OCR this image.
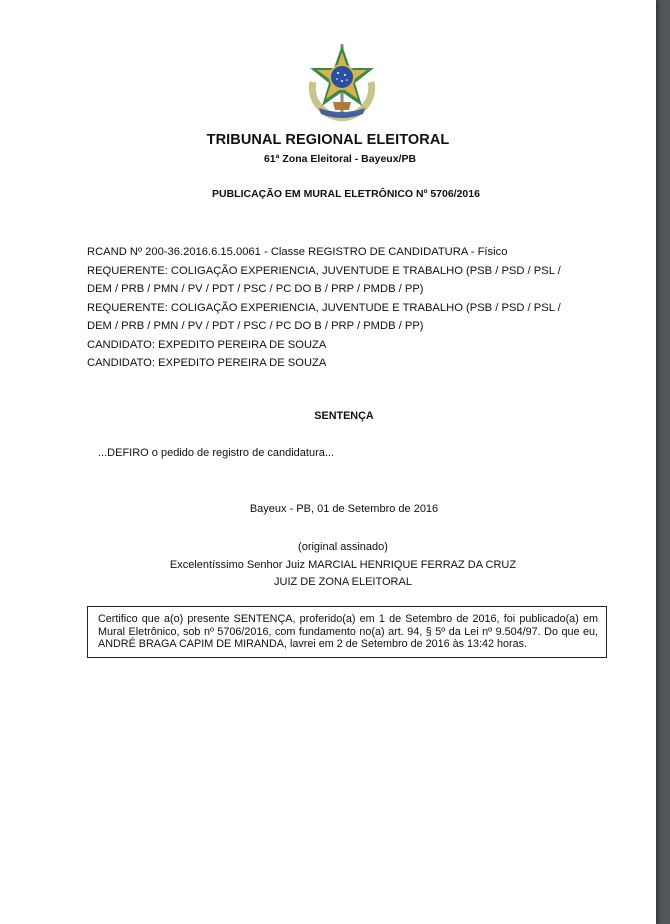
TRIBUNAL REGIONAL ELEITORAL
61ª Zona Eleitoral - Bayeux/PB
PUBLICAÇÃO EM MURAL ELETRÔNICO Nº 5706/2016
RCAND Nº 200-36.2016.6.15.0061 - Classe REGISTRO DE CANDIDATURA - Físico
REQUERENTE: COLIGAÇÃO EXPERIENCIA, JUVENTUDE E TRABALHO (PSB / PSD / PSL /
DEM / PRB / PMN / PV / PDT / PSC / PC DO B / PRP / PMDB / PP)
REQUERENTE: COLIGAÇÃO EXPERIENCIA, JUVENTUDE E TRABALHO (PSB / PSD / PSL /
DEM / PRB / PMN / PV / PDT / PSC / PC DO B / PRP / PMDB / PP)
CANDIDATO: EXPEDITO PEREIRA DE SOUZA
CANDIDATO: EXPEDITO PEREIRA DE SOUZA
SENTENÇA
...DEFIRO o pedido de registro de candidatura...
Bayeux - PB, 01 de Setembro de 2016
(original assinado)
Excelentíssimo Senhor Juiz MARCIAL HENRIQUE FERRAZ DA CRUZ
JUIZ DE ZONA ELEITORAL
Certifico que a(o) presente SENTENÇA, proferido(a) em 1 de Setembro de 2016, foi publicado(a) em Mural Eletrônico, sob nº 5706/2016, com fundamento no(a) art. 94, § 5º da Lei nº 9.504/97. Do que eu, ANDRÉ BRAGA CAPIM DE MIRANDA, lavrei em 2 de Setembro de 2016 às 13:42 horas.
